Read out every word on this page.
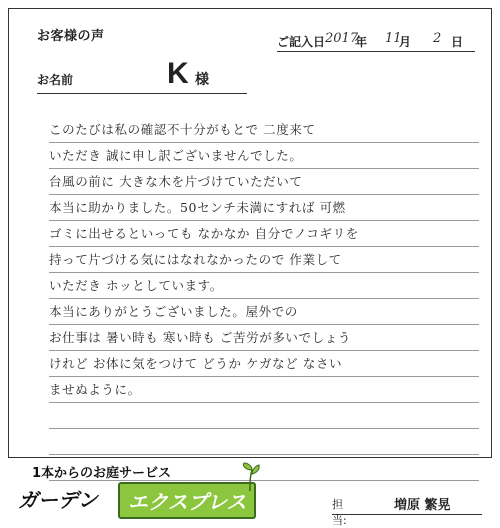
お客様の声	ご記入日 2017
年 11
月 2 日
お名前	K 様
このたびは私の確認不十分がもとで 二度来て
いただき 誠に申し訳ございませんでした。
台風の前に 大きな木を片づけていただいて
本当に助かりました。50センチ未満にすれば 可燃
ゴミに出せるといっても なかなか 自分でノコギリを
持って片づける気にはなれなかったので 作業して
いただき ホッとしています。
本当にありがとうございました。屋外での
お仕事は 暑い時も 寒い時も ご苦労が多いでしょう
けれど お体に気をつけて どうか ケガなど なさい
ませぬように。
1本からのお庭サービス
ガーデン	エクスプレス	担当:
増原 繁晃
